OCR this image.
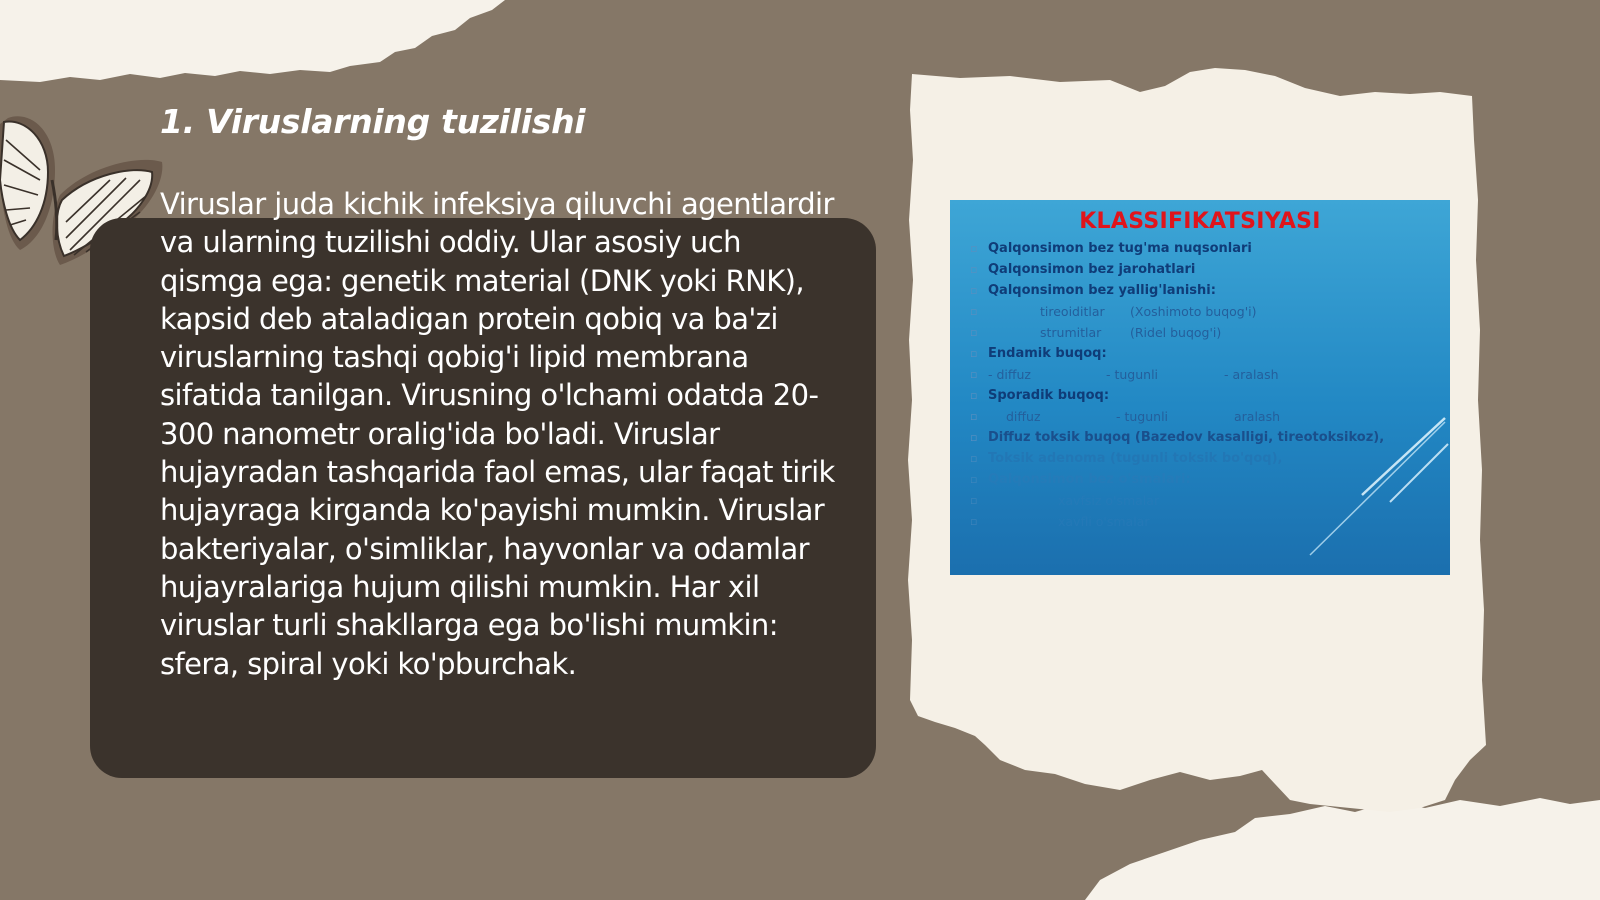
1. Viruslarning tuzilishi

Viruslar juda kichik infeksiya qiluvchi agentlardir va ularning tuzilishi oddiy. Ular asosiy uch qismga ega: genetik material (DNK yoki RNK), kapsid deb ataladigan protein qobiq va ba'zi viruslarning tashqi qobig'i lipid membrana sifatida tanilgan. Virusning o'lchami odatda 20-300 nanometr oralig'ida bo'ladi. Viruslar hujayradan tashqarida faol emas, ular faqat tirik hujayraga kirganda ko'payishi mumkin. Viruslar bakteriyalar, o'simliklar, hayvonlar va odamlar hujayralariga hujum qilishi mumkin. Har xil viruslar turli shakllarga ega bo'lishi mumkin: sfera, spiral yoki ko'pburchak.

KLASSIFIKATSIYASI
▫ Qalqonsimon bez tug'ma nuqsonlari
▫ Qalqonsimon bez jarohatlari
▫ Qalqonsimon bez yallig'lanishi:
▫ tireoiditlar (Xoshimoto buqog'i)
▫ strumitlar (Ridel buqog'i)
▫ Endamik buqoq:
▫ - diffuz	- tugunli	- aralash
▫ Sporadik buqoq:
▫ diffuz	- tugunli	aralash
▫ Diffuz toksik buqoq (Bazedov kasalligi, tireotoksikoz),
▫ Toksik adenoma (tugunli toksik bo'qoq),
▫ Qalqonsimon bez o'smalari:
▫ xavfsiz o'smalar
▫ xavfli o'smalar
